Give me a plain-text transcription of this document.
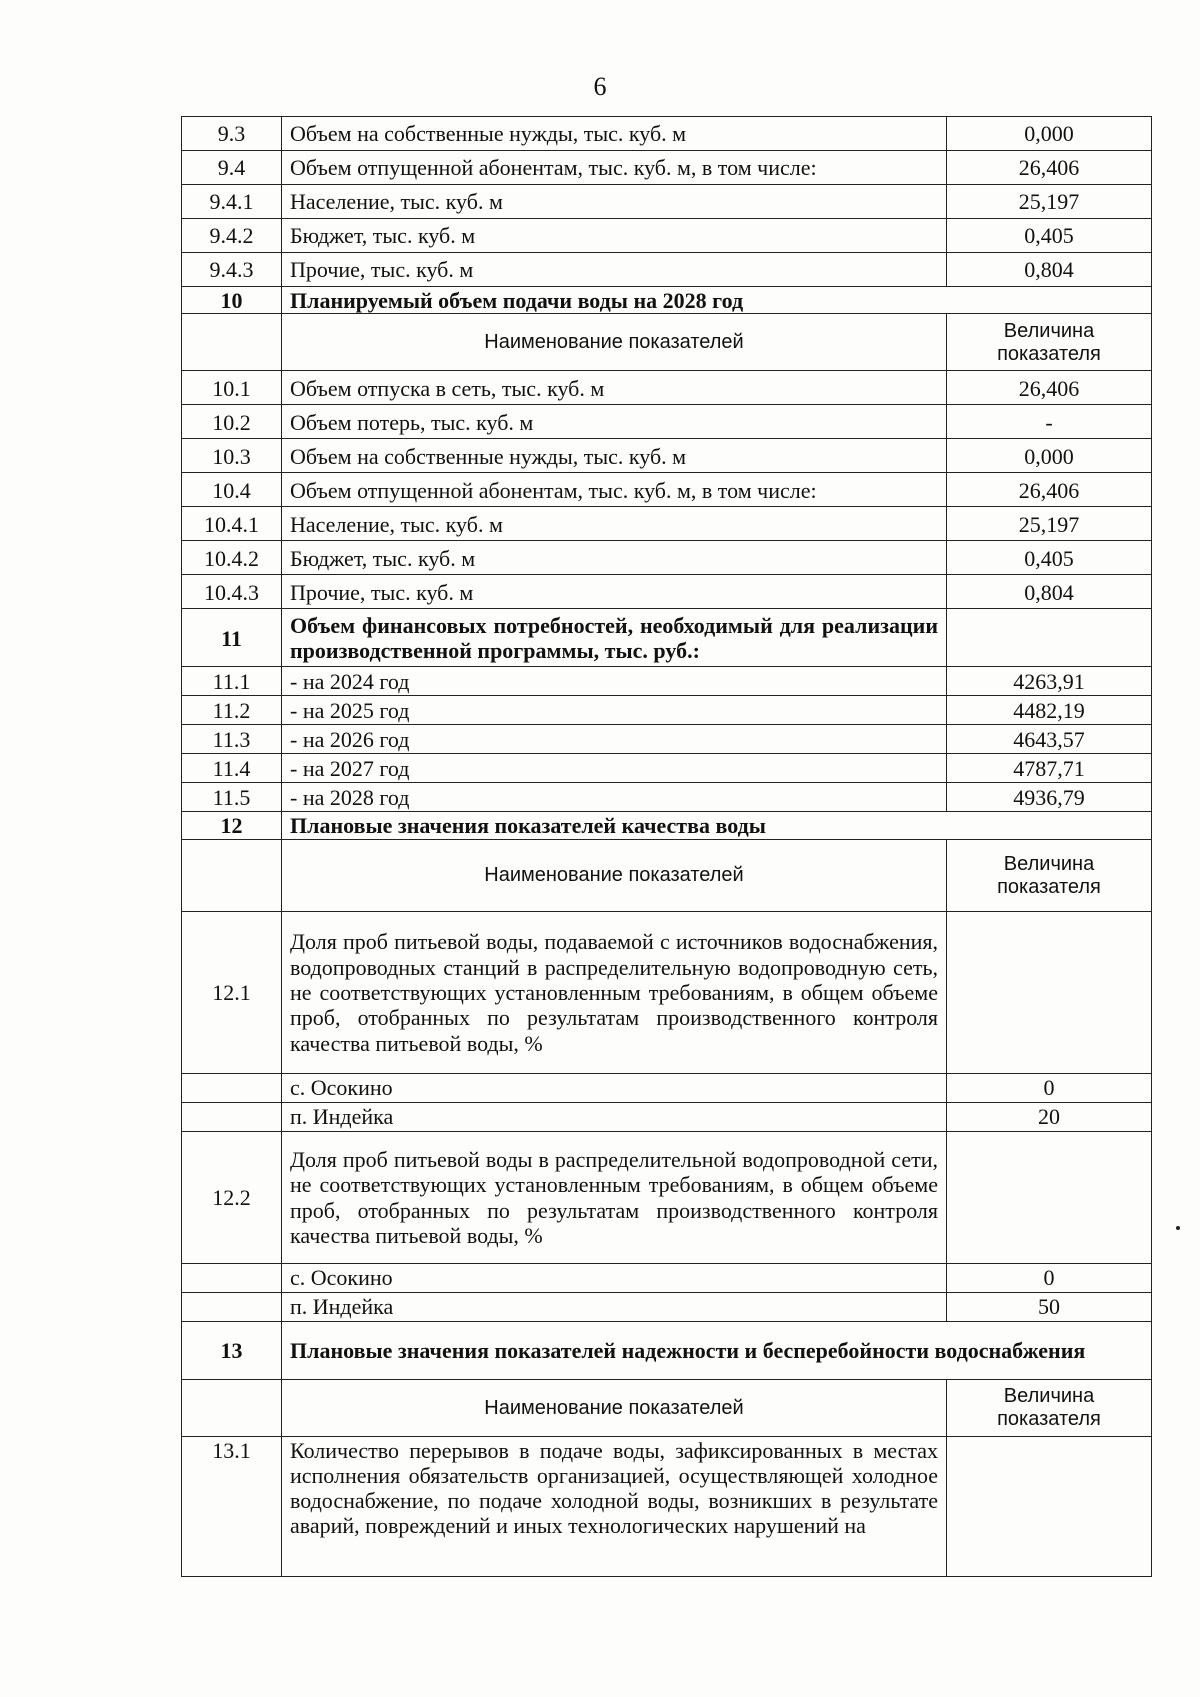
6
9.3	Объем на собственные нужды, тыс. куб. м	0,000
9.4	Объем отпущенной абонентам, тыс. куб. м, в том числе:	26,406
9.4.1	Население, тыс. куб. м	25,197
9.4.2	Бюджет, тыс. куб. м	0,405
9.4.3	Прочие, тыс. куб. м	0,804
10	Планируемый объем подачи воды на 2028 год	
	Наименование показателей	Величина показателя
10.1	Объем отпуска в сеть, тыс. куб. м	26,406
10.2	Объем потерь, тыс. куб. м	-
10.3	Объем на собственные нужды, тыс. куб. м	0,000
10.4	Объем отпущенной абонентам, тыс. куб. м, в том числе:	26,406
10.4.1	Население, тыс. куб. м	25,197
10.4.2	Бюджет, тыс. куб. м	0,405
10.4.3	Прочие, тыс. куб. м	0,804
11	Объем финансовых потребностей, необходимый для реализации производственной программы, тыс. руб.:	
11.1	- на 2024 год	4263,91
11.2	- на 2025 год	4482,19
11.3	- на 2026 год	4643,57
11.4	- на 2027 год	4787,71
11.5	- на 2028 год	4936,79
12	Плановые значения показателей качества воды	
	Наименование показателей	Величина показателя
12.1	Доля проб питьевой воды, подаваемой с источников водоснабжения, водопроводных станций в распределительную водопроводную сеть, не соответствующих установленным требованиям, в общем объеме проб, отобранных по результатам производственного контроля качества питьевой воды, %	
	с. Осокино	0
	п. Индейка	20
12.2	Доля проб питьевой воды в распределительной водопроводной сети, не соответствующих установленным требованиям, в общем объеме проб, отобранных по результатам производственного контроля качества питьевой воды, %	
	с. Осокино	0
	п. Индейка	50
13	Плановые значения показателей надежности и бесперебойности водоснабжения	
	Наименование показателей	Величина показателя
13.1	Количество перерывов в подаче воды, зафиксированных в местах исполнения обязательств организацией, осуществляющей холодное водоснабжение, по подаче холодной воды, возникших в результате аварий, повреждений и иных технологических нарушений на	
